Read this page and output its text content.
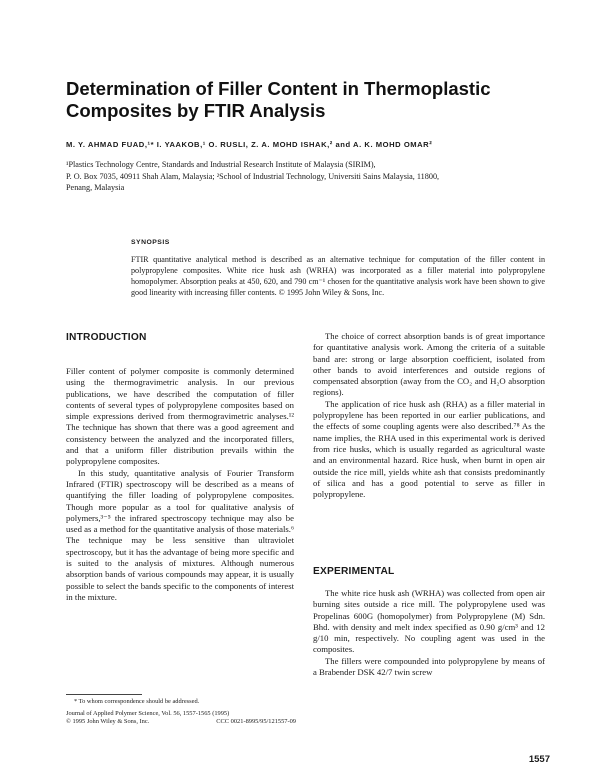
Determination of Filler Content in Thermoplastic Composites by FTIR Analysis
M. Y. AHMAD FUAD,¹* I. YAAKOB,¹ O. RUSLI, Z. A. MOHD ISHAK,² and A. K. MOHD OMAR²
¹Plastics Technology Centre, Standards and Industrial Research Institute of Malaysia (SIRIM),
P. O. Box 7035, 40911 Shah Alam, Malaysia; ²School of Industrial Technology, Universiti Sains Malaysia, 11800,
Penang, Malaysia
SYNOPSIS
FTIR quantitative analytical method is described as an alternative technique for computation of the filler content in polypropylene composites. White rice husk ash (WRHA) was incorporated as a filler material into polypropylene homopolymer. Absorption peaks at 450, 620, and 790 cm⁻¹ chosen for the quantitative analysis work have been shown to give good linearity with increasing filler contents. © 1995 John Wiley & Sons, Inc.
INTRODUCTION

Filler content of polymer composite is commonly determined using the thermogravimetric analysis. In our previous publications, we have described the computation of filler contents of several types of polypropylene composites based on simple expressions derived from thermogravimetric analyses.¹² The technique has shown that there was a good agreement and consistency between the analyzed and the incorporated fillers, and that a uniform filler distribution prevails within the polypropylene composites.

In this study, quantitative analysis of Fourier Transform Infrared (FTIR) spectroscopy will be described as a means of quantifying the filler loading of polypropylene composites. Though more popular as a tool for qualitative analysis of polymers,³⁻⁵ the infrared spectroscopy technique may also be used as a method for the quantitative analysis of those materials.⁶ The technique may be less sensitive than ultraviolet spectroscopy, but it has the advantage of being more specific and is suited to the analysis of mixtures. Although numerous absorption bands of various compounds may appear, it is usually possible to select the bands specific to the components of interest in the mixture.

The choice of correct absorption bands is of great importance for quantitative analysis work. Among the criteria of a suitable band are: strong or large absorption coefficient, isolated from other bands to avoid interferences and outside regions of compensated absorption (away from the CO₂ and H₂O absorption regions).

The application of rice husk ash (RHA) as a filler material in polypropylene has been reported in our earlier publications, and the effects of some coupling agents were also described.⁷⁸ As the name implies, the RHA used in this experimental work is derived from rice husks, which is usually regarded as agricultural waste and an environmental hazard. Rice husk, when burnt in open air outside the rice mill, yields white ash that consists predominantly of silica and has a good potential to serve as filler in polypropylene.

EXPERIMENTAL

The white rice husk ash (WRHA) was collected from open air burning sites outside a rice mill. The polypropylene used was Propelinas 600G (homopolymer) from Polypropylene (M) Sdn. Bhd. with density and melt index specified as 0.90 g/cm³ and 12 g/10 min, respectively. No coupling agent was used in the composites.

The fillers were compounded into polypropylene by means of a Brabender DSK 42/7 twin screw

* To whom correspondence should be addressed.
Journal of Applied Polymer Science, Vol. 56, 1557-1565 (1995)
© 1995 John Wiley & Sons, Inc.	CCC 0021-8995/95/121557-09
1557
